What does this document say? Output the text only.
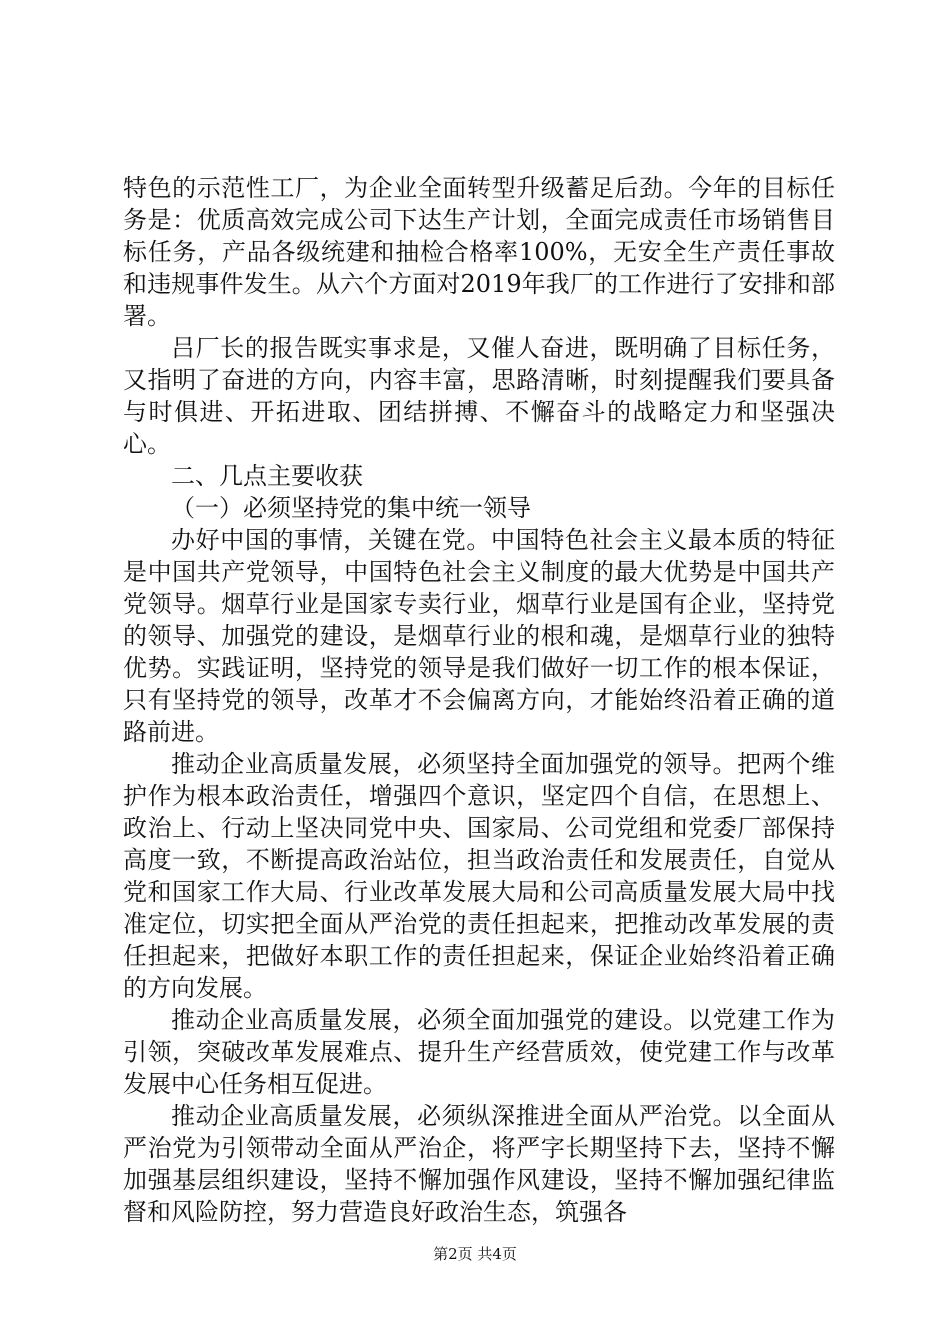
特色的示范性工厂，为企业全面转型升级蓄足后劲。今年的目标任务是：优质高效完成公司下达生产计划，全面完成责任市场销售目标任务，产品各级统建和抽检合格率100%，无安全生产责任事故和违规事件发生。从六个方面对2019年我厂的工作进行了安排和部署。

吕厂长的报告既实事求是，又催人奋进，既明确了目标任务，又指明了奋进的方向，内容丰富，思路清晰，时刻提醒我们要具备与时俱进、开拓进取、团结拼搏、不懈奋斗的战略定力和坚强决心。

二、几点主要收获

（一）必须坚持党的集中统一领导

办好中国的事情，关键在党。中国特色社会主义最本质的特征是中国共产党领导，中国特色社会主义制度的最大优势是中国共产党领导。烟草行业是国家专卖行业，烟草行业是国有企业，坚持党的领导、加强党的建设，是烟草行业的根和魂，是烟草行业的独特优势。实践证明，坚持党的领导是我们做好一切工作的根本保证，只有坚持党的领导，改革才不会偏离方向，才能始终沿着正确的道路前进。

推动企业高质量发展，必须坚持全面加强党的领导。把两个维护作为根本政治责任，增强四个意识，坚定四个自信，在思想上、政治上、行动上坚决同党中央、国家局、公司党组和党委厂部保持高度一致，不断提高政治站位，担当政治责任和发展责任，自觉从党和国家工作大局、行业改革发展大局和公司高质量发展大局中找准定位，切实把全面从严治党的责任担起来，把推动改革发展的责任担起来，把做好本职工作的责任担起来，保证企业始终沿着正确的方向发展。

推动企业高质量发展，必须全面加强党的建设。以党建工作为引领，突破改革发展难点、提升生产经营质效，使党建工作与改革发展中心任务相互促进。

推动企业高质量发展，必须纵深推进全面从严治党。以全面从严治党为引领带动全面从严治企，将严字长期坚持下去，坚持不懈加强基层组织建设，坚持不懈加强作风建设，坚持不懈加强纪律监督和风险防控，努力营造良好政治生态，筑强各

第2页 共4页
